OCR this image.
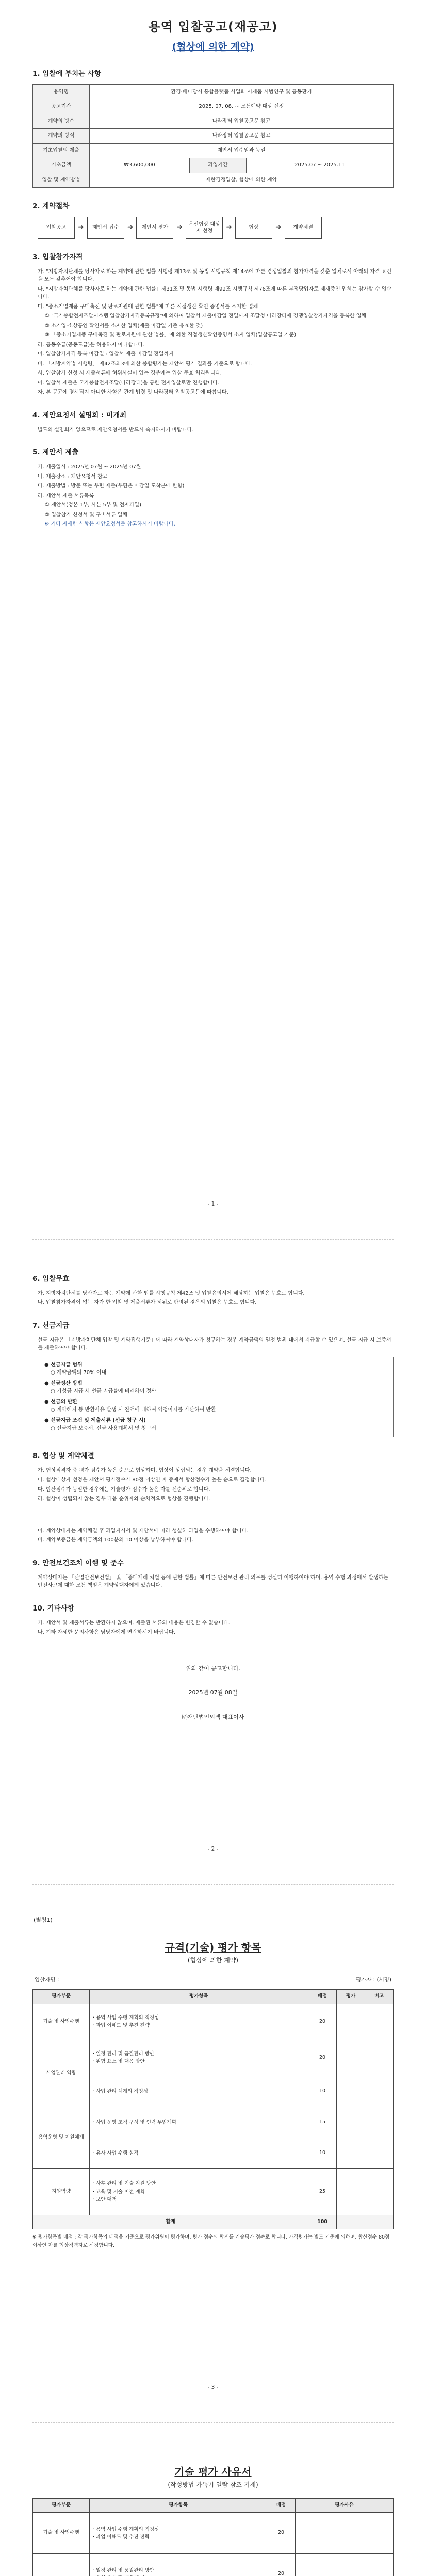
용역 입찰공고(재공고)
(협상에 의한 계약)
1. 입찰에 부치는 사항
용역명	환경·배나당시 통합플랫폼 사업화 시제품 시범연구 및 공동판기		
공고기간	2025. 07. 08. ~ 모든예약 대상 선정		
계약의 방수	나라장터 입찰공고문 참고		
계약의 방식	나라장터 입찰공고문 참고		
기초입찰의 제출	제안서 입수일과 동일		
기초금액	₩3,600,000	과업기간	2025.07 ~ 2025.11
입찰 및 계약방법	제한경쟁입찰, 협상에 의한 계약		
2. 계약절차
입찰공고	➜	제안서 접수	➜	제안서 평가	➜	우선협상 대상자 선정	➜	협상	➜	계약체결
3. 입찰참가자격

가. "지방자치단체를 당사자로 하는 계약에 관한 법률 시행령 제13조 및 동법 시행규칙 제14조에 따른 경쟁입찰의 참가자격을 갖춘 업체로서 아래의 자격 요건을 모두 갖추어야 합니다.

나. "지방자치단체를 당사자로 하는 계약에 관한 법률」제31조 및 동법 시행령 제92조 시행규칙 제76조에 따른 부정당업자로 제재중인 업체는 참가할 수 없습니다.

다. "중소기업제품 구매촉진 및 판로지원에 관한 법률"에 따른 직접생산 확인 증명서를 소지한 업체

① "국가종합전자조달시스템 입찰참가자격등록규정"에 의하여 입찰서 제출마감일 전일까지 조달청 나라장터에 경쟁입찰참가자격을 등록한 업체

② 소기업·소상공인 확인서를 소지한 업체(제출 마감일 기준 유효한 것)

③ 「중소기업제품 구매촉진 및 판로지원에 관한 법률」에 의한 직접생산확인증명서 소지 업체(입찰공고일 기준)

라. 공동수급(공동도급)은 허용하지 아니합니다.

마. 입찰참가자격 등록 마감일 : 입찰서 제출 마감일 전일까지

바. 「지방계약법 시행령」 제42조의3에 의한 종합평가는 제안서 평가 결과를 기준으로 합니다.

사. 입찰참가 신청 시 제출서류에 허위사실이 있는 경우에는 입찰 무효 처리됩니다.

아. 입찰서 제출은 국가종합전자조달(나라장터)을 통한 전자입찰로만 진행합니다.

자. 본 공고에 명시되지 아니한 사항은 관계 법령 및 나라장터 입찰공고문에 따릅니다.

4. 제안요청서 설명회 : 미개최

별도의 설명회가 없으므로 제안요청서를 반드시 숙지하시기 바랍니다.

5. 제안서 제출

가. 제출일시 : 2025년 07월 ~ 2025년 07월

나. 제출장소 : 제안요청서 참고

다. 제출방법 : 방문 또는 우편 제출(우편은 마감일 도착분에 한함)

라. 제안서 제출 서류목록

① 제안서(정본 1부, 사본 5부 및 전자파일)

② 입찰참가 신청서 및 구비서류 일체

※ 기타 자세한 사항은 제안요청서를 참고하시기 바랍니다.

- 1 -
6. 입찰무효

가. 지방자치단체를 당사자로 하는 계약에 관한 법률 시행규칙 제42조 및 입찰유의서에 해당하는 입찰은 무효로 합니다.

나. 입찰참가자격이 없는 자가 한 입찰 및 제출서류가 허위로 판명된 경우의 입찰은 무효로 합니다.

7. 선금지급

선금 지급은 「지방자치단체 입찰 및 계약집행기준」에 따라 계약상대자가 청구하는 경우 계약금액의 일정 범위 내에서 지급할 수 있으며, 선금 지급 시 보증서를 제출하여야 합니다.

● 선금지급 범위
○ 계약금액의 70% 이내
● 선금정산 방법
○ 기성금 지급 시 선금 지급률에 비례하여 정산
● 선금의 반환
○ 계약해지 등 반환사유 발생 시 잔액에 대하여 약정이자를 가산하여 반환
● 선금지급 조건 및 제출서류 (선금 청구 시)
○ 선금지급 보증서, 선금 사용계획서 및 청구서
8. 협상 및 계약체결

가. 협상적격자 중 평가 점수가 높은 순으로 협상하며, 협상이 성립되는 경우 계약을 체결합니다.

나. 협상대상자 선정은 제안서 평가점수가 80점 이상인 자 중에서 합산점수가 높은 순으로 결정합니다.

다. 합산점수가 동일한 경우에는 기술평가 점수가 높은 자를 선순위로 합니다.

라. 협상이 성립되지 않는 경우 다음 순위자와 순차적으로 협상을 진행합니다.

마. 계약상대자는 계약체결 후 과업지시서 및 제안서에 따라 성실히 과업을 수행하여야 합니다.

바. 계약보증금은 계약금액의 100분의 10 이상을 납부하여야 합니다.

9. 안전보건조치 이행 및 준수

계약상대자는 「산업안전보건법」 및 「중대재해 처벌 등에 관한 법률」에 따른 안전보건 관리 의무를 성실히 이행하여야 하며, 용역 수행 과정에서 발생하는 안전사고에 대한 모든 책임은 계약상대자에게 있습니다.

10. 기타사항

가. 제안서 및 제출서류는 반환하지 않으며, 제출된 서류의 내용은 변경할 수 없습니다.

나. 기타 자세한 문의사항은 담당자에게 연락하시기 바랍니다.

위와 같이 공고합니다.
2025년 07월 08일
㈜재단법인외팩 대표이사
- 2 -
(별첨1)
규격(기술) 평가 항목
(협상에 의한 계약)
입찰자명 :	평가자 : (서명)
평가부문	평가항목	배점	평가	비고
기술 및 사업수행	· 용역 사업 수행 계획의 적정성
· 과업 이해도 및 추진 전략	20		
사업관리 역량	· 일정 관리 및 품질관리 방안
· 위험 요소 및 대응 방안	20		
	· 사업 관리 체계의 적정성	10		
용역운영 및 지원체계	· 사업 운영 조직 구성 및 인력 투입계획	15		
	· 유사 사업 수행 실적	10		
지원역량	· 사후 관리 및 기술 지원 방안
· 교육 및 기술 이전 계획
· 보안 대책	25		
합계		100		
※ 평가항목별 배점 : 각 평가항목의 배점을 기준으로 평가위원이 평가하며, 평가 점수의 합계를 기술평가 점수로 합니다. 가격평가는 별도 기준에 의하며, 합산점수 80점 이상인 자를 협상적격자로 선정합니다.
- 3 -
기술 평가 사유서
(작성방법 가독기 일람 참조 기재)
평가부문	평가항목	배점	평가사유
기술 및 사업수행	· 용역 사업 수행 계획의 적정성
· 과업 이해도 및 추진 전략	20	
	· 일정 관리 및 품질관리 방안	20	
